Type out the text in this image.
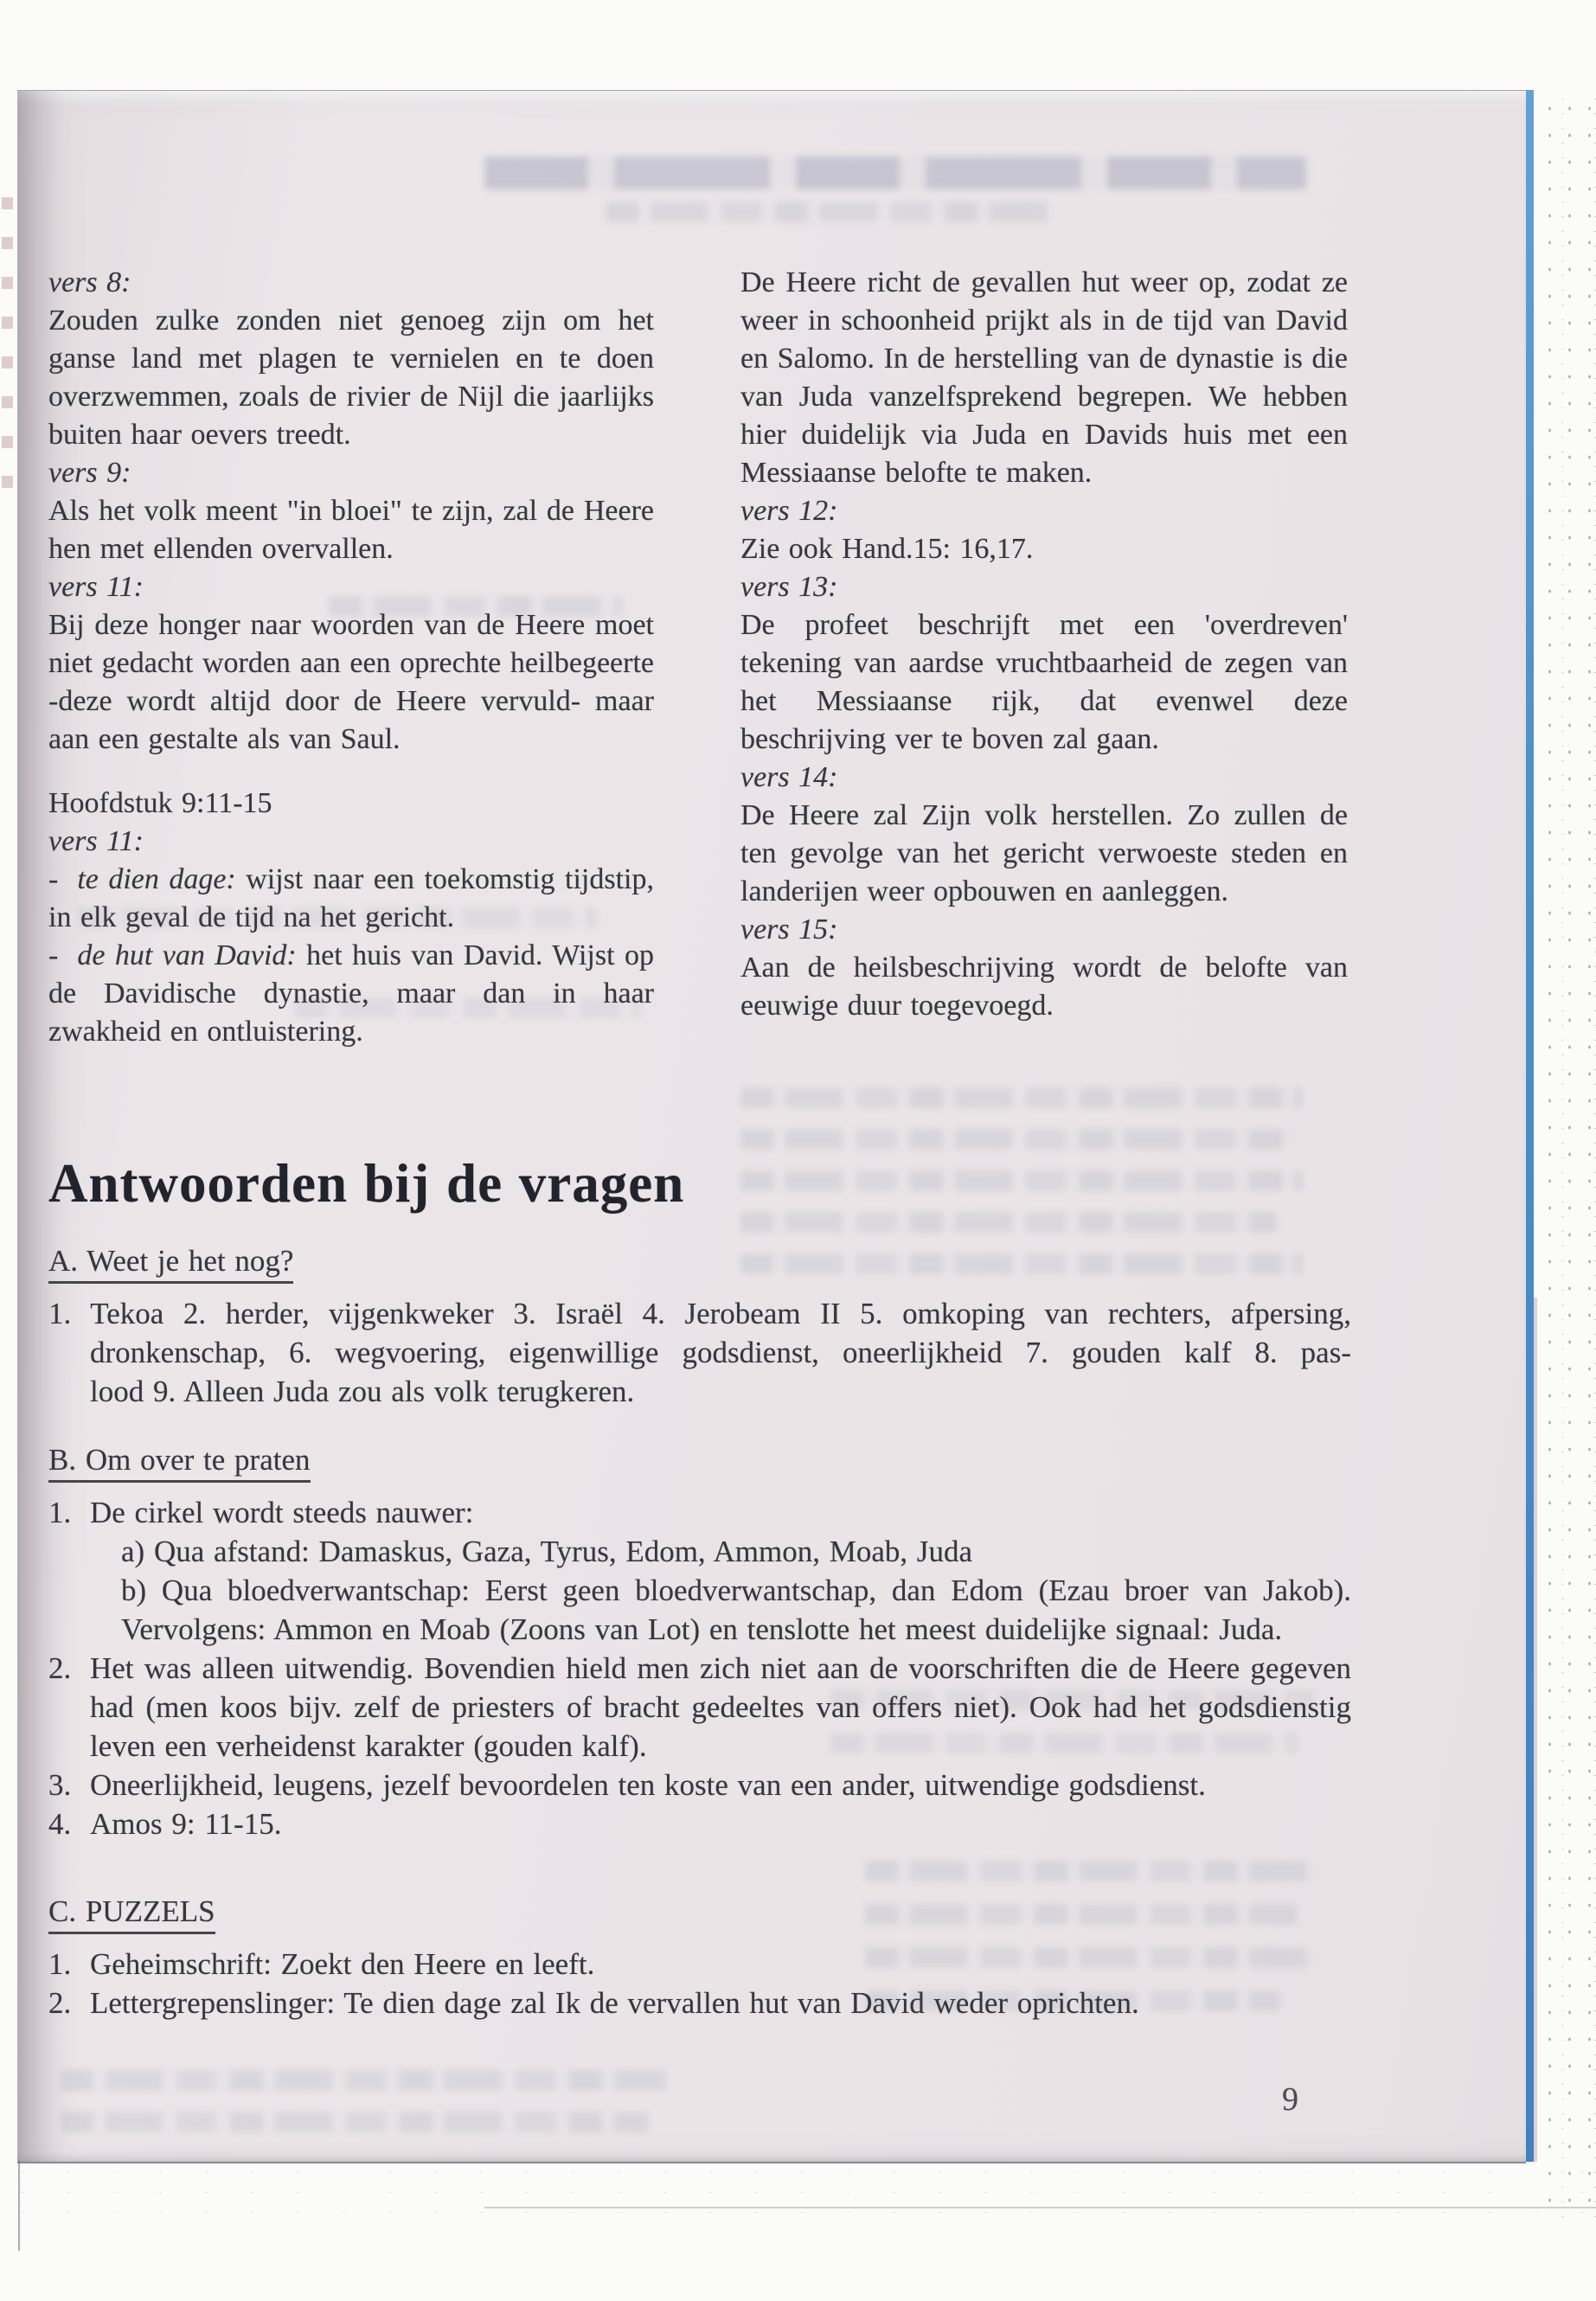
vers 8:

Zouden zulke zonden niet genoeg zijn om het ganse land met plagen te vernielen en te doen overzwemmen, zoals de rivier de Nijl die jaarlijks buiten haar oevers treedt.

vers 9:

Als het volk meent "in bloei" te zijn, zal de Heere hen met ellenden overvallen.

vers 11:

Bij deze honger naar woorden van de Heere moet niet gedacht worden aan een oprechte heilbegeerte -deze wordt altijd door de Heere vervuld- maar aan een gestalte als van Saul.

Hoofdstuk 9:11-15
vers 11:

- te dien dage: wijst naar een toekomstig tijdstip, in elk geval de tijd na het gericht.

- de hut van David: het huis van David. Wijst op de Davidische dynastie, maar dan in haar zwakheid en ontluistering.

De Heere richt de gevallen hut weer op, zodat ze weer in schoonheid prijkt als in de tijd van David en Salomo. In de herstelling van de dynastie is die van Juda vanzelfsprekend begrepen. We hebben hier duidelijk via Juda en Davids huis met een Messiaanse belofte te maken.

vers 12:

Zie ook Hand.15: 16,17.

vers 13:

De profeet beschrijft met een 'overdreven' tekening van aardse vruchtbaarheid de zegen van het Messiaanse rijk, dat evenwel deze beschrijving ver te boven zal gaan.

vers 14:

De Heere zal Zijn volk herstellen. Zo zullen de ten gevolge van het gericht verwoeste steden en landerijen weer opbouwen en aanleggen.

vers 15:

Aan de heilsbeschrijving wordt de belofte van eeuwige duur toegevoegd.

Antwoorden bij de vragen
A. Weet je het nog?
1. Tekoa 2. herder, vijgenkweker 3. Israël 4. Jerobeam II 5. omkoping van rechters, afpersing,
dronkenschap, 6. wegvoering, eigenwillige godsdienst, oneerlijkheid 7. gouden kalf 8. pas-
lood 9. Alleen Juda zou als volk terugkeren.
B. Om over te praten
1. De cirkel wordt steeds nauwer:
a) Qua afstand: Damaskus, Gaza, Tyrus, Edom, Ammon, Moab, Juda
b) Qua bloedverwantschap: Eerst geen bloedverwantschap, dan Edom (Ezau broer van Jakob). Vervolgens: Ammon en Moab (Zoons van Lot) en tenslotte het meest duidelijke signaal: Juda.
2. Het was alleen uitwendig. Bovendien hield men zich niet aan de voorschriften die de Heere gegeven had (men koos bijv. zelf de priesters of bracht gedeeltes van offers niet). Ook had het godsdienstig leven een verheidenst karakter (gouden kalf).
3. Oneerlijkheid, leugens, jezelf bevoordelen ten koste van een ander, uitwendige godsdienst.
4. Amos 9: 11-15.
C. PUZZELS
1. Geheimschrift: Zoekt den Heere en leeft.
2. Lettergrepenslinger: Te dien dage zal Ik de vervallen hut van David weder oprichten.
9
